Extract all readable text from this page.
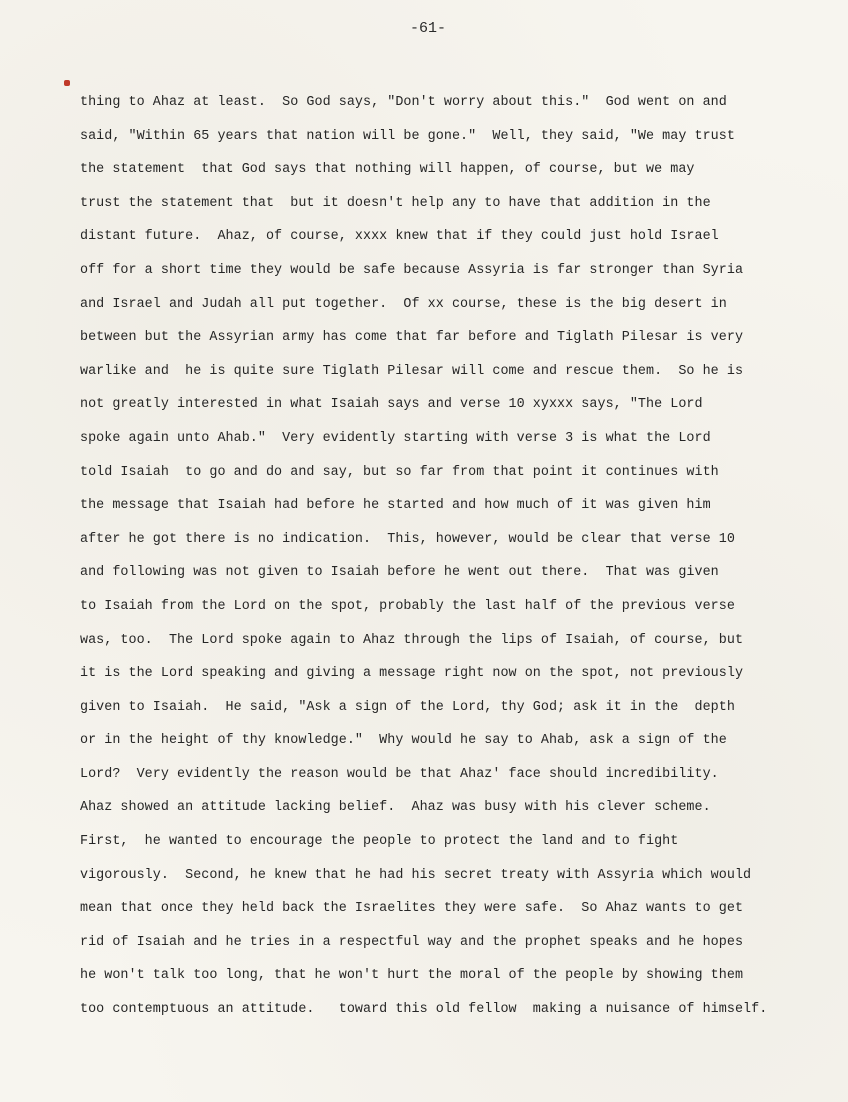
-61-
thing to Ahaz at least.  So God says, "Don't worry about this."  God went on and
said, "Within 65 years that nation will be gone."  Well, they said, "We may trust
the statement  that God says that nothing will happen, of course, but we may
trust the statement that  but it doesn't help any to have that addition in the
distant future.  Ahaz, of course, xxxx knew that if they could just hold Israel
off for a short time they would be safe because Assyria is far stronger than Syria
and Israel and Judah all put together.  Of xx course, these is the big desert in
between but the Assyrian army has come that far before and Tiglath Pilesar is very
warlike and  he is quite sure Tiglath Pilesar will come and rescue them.  So he is
not greatly interested in what Isaiah says and verse 10 xyxxx says, "The Lord
spoke again unto Ahab."  Very evidently starting with verse 3 is what the Lord
told Isaiah  to go and do and say, but so far from that point it continues with
the message that Isaiah had before he started and how much of it was given him
after he got there is no indication.  This, however, would be clear that verse 10
and following was not given to Isaiah before he went out there.  That was given
to Isaiah from the Lord on the spot, probably the last half of the previous verse
was, too.  The Lord spoke again to Ahaz through the lips of Isaiah, of course, but
it is the Lord speaking and giving a message right now on the spot, not previously
given to Isaiah.  He said, "Ask a sign of the Lord, thy God; ask it in the  depth
or in the height of thy knowledge."  Why would he say to Ahab, ask a sign of the
Lord?  Very evidently the reason would be that Ahaz' face should incredibility.
Ahaz showed an attitude lacking belief.  Ahaz was busy with his clever scheme.
First,  he wanted to encourage the people to protect the land and to fight
vigorously.  Second, he knew that he had his secret treaty with Assyria which would
mean that once they held back the Israelites they were safe.  So Ahaz wants to get
rid of Isaiah and he tries in a respectful way and the prophet speaks and he hopes
he won't talk too long, that he won't hurt the moral of the people by showing them
too contemptuous an attitude.   toward this old fellow  making a nuisance of himself.
